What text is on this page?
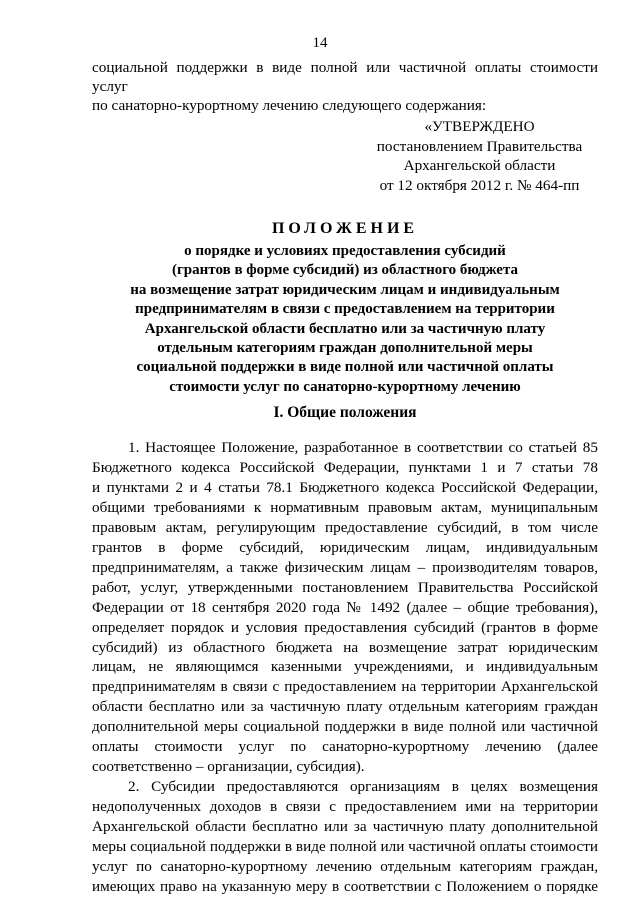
14
социальной поддержки в виде полной или частичной оплаты стоимости услуг
по санаторно-курортному лечению следующего содержания:
«УТВЕРЖДЕНО
постановлением Правительства
Архангельской области
от 12 октября 2012 г. № 464-пп
ПОЛОЖЕНИЕ
о порядке и условиях предоставления субсидий
(грантов в форме субсидий) из областного бюджета
на возмещение затрат юридическим лицам и индивидуальным
предпринимателям в связи с предоставлением на территории
Архангельской области бесплатно или за частичную плату
отдельным категориям граждан дополнительной меры
социальной поддержки в виде полной или частичной оплаты
стоимости услуг по санаторно-курортному лечению
I. Общие положения
1. Настоящее Положение, разработанное в соответствии со статьей 85
Бюджетного кодекса Российской Федерации, пунктами 1 и 7 статьи 78
и пунктами 2 и 4 статьи 78.1 Бюджетного кодекса Российской Федерации,
общими требованиями к нормативным правовым актам, муниципальным
правовым актам, регулирующим предоставление субсидий, в том числе
грантов в форме субсидий, юридическим лицам, индивидуальным
предпринимателям, а также физическим лицам – производителям товаров,
работ, услуг, утвержденными постановлением Правительства Российской
Федерации от 18 сентября 2020 года № 1492 (далее – общие требования),
определяет порядок и условия предоставления субсидий (грантов в форме
субсидий) из областного бюджета на возмещение затрат юридическим
лицам, не являющимся казенными учреждениями, и индивидуальным
предпринимателям в связи с предоставлением на территории Архангельской
области бесплатно или за частичную плату отдельным категориям граждан
дополнительной меры социальной поддержки в виде полной или частичной
оплаты стоимости услуг по санаторно-курортному лечению (далее
соответственно – организации, субсидия).
2. Субсидии предоставляются организациям в целях возмещения
недополученных доходов в связи с предоставлением ими на территории
Архангельской области бесплатно или за частичную плату дополнительной
меры социальной поддержки в виде полной или частичной оплаты стоимости
услуг по санаторно-курортному лечению отдельным категориям граждан,
имеющих право на указанную меру в соответствии с Положением о порядке
